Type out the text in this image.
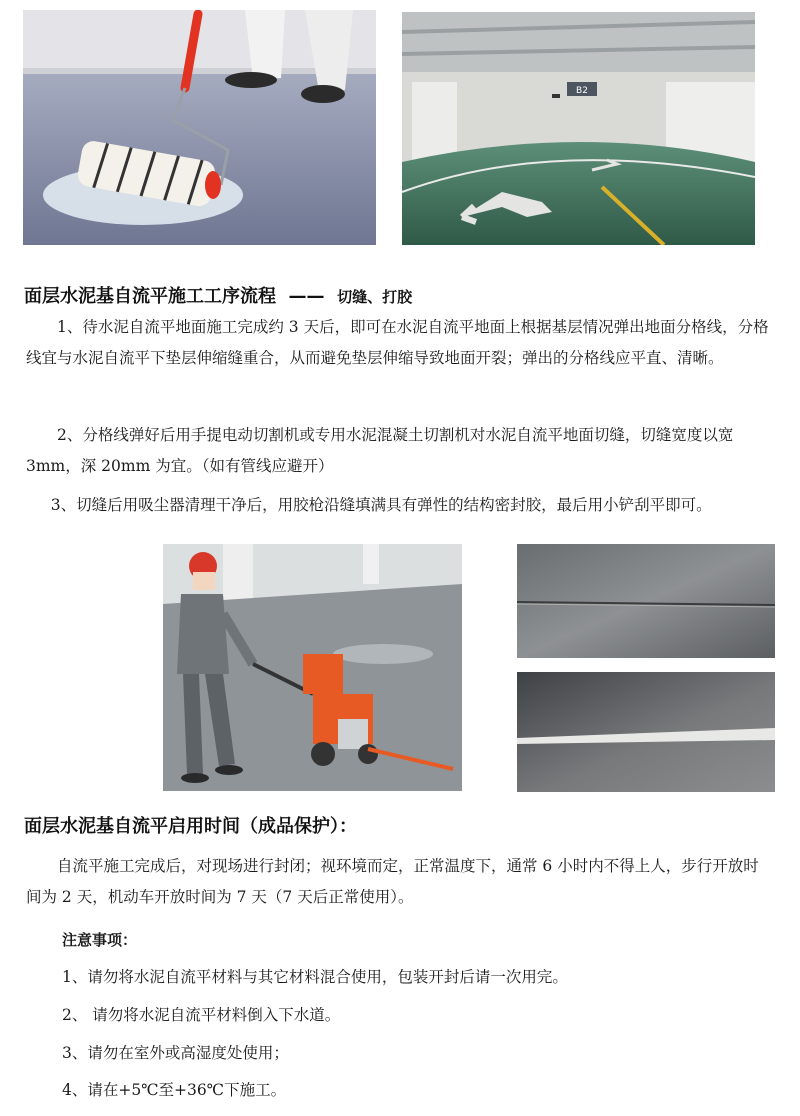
B2
面层水泥基自流平施工工序流程 —— 切缝、打胶
1、待水泥自流平地面施工完成约 3 天后，即可在水泥自流平地面上根据基层情况弹出地面分格线，分格线宜与水泥自流平下垫层伸缩缝重合，从而避免垫层伸缩导致地面开裂；弹出的分格线应平直、清晰。
2、分格线弹好后用手提电动切割机或专用水泥混凝土切割机对水泥自流平地面切缝，切缝宽度以宽 3mm，深 20mm 为宜。（如有管线应避开）
3、切缝后用吸尘器清理干净后，用胶枪沿缝填满具有弹性的结构密封胶，最后用小铲刮平即可。
面层水泥基自流平启用时间（成品保护）：
自流平施工完成后，对现场进行封闭；视环境而定，正常温度下，通常 6 小时内不得上人，步行开放时间为 2 天，机动车开放时间为 7 天（7 天后正常使用）。
注意事项：
1、请勿将水泥自流平材料与其它材料混合使用，包装开封后请一次用完。
2、 请勿将水泥自流平材料倒入下水道。
3、请勿在室外或高湿度处使用；
4、请在+5℃至+36℃下施工。
